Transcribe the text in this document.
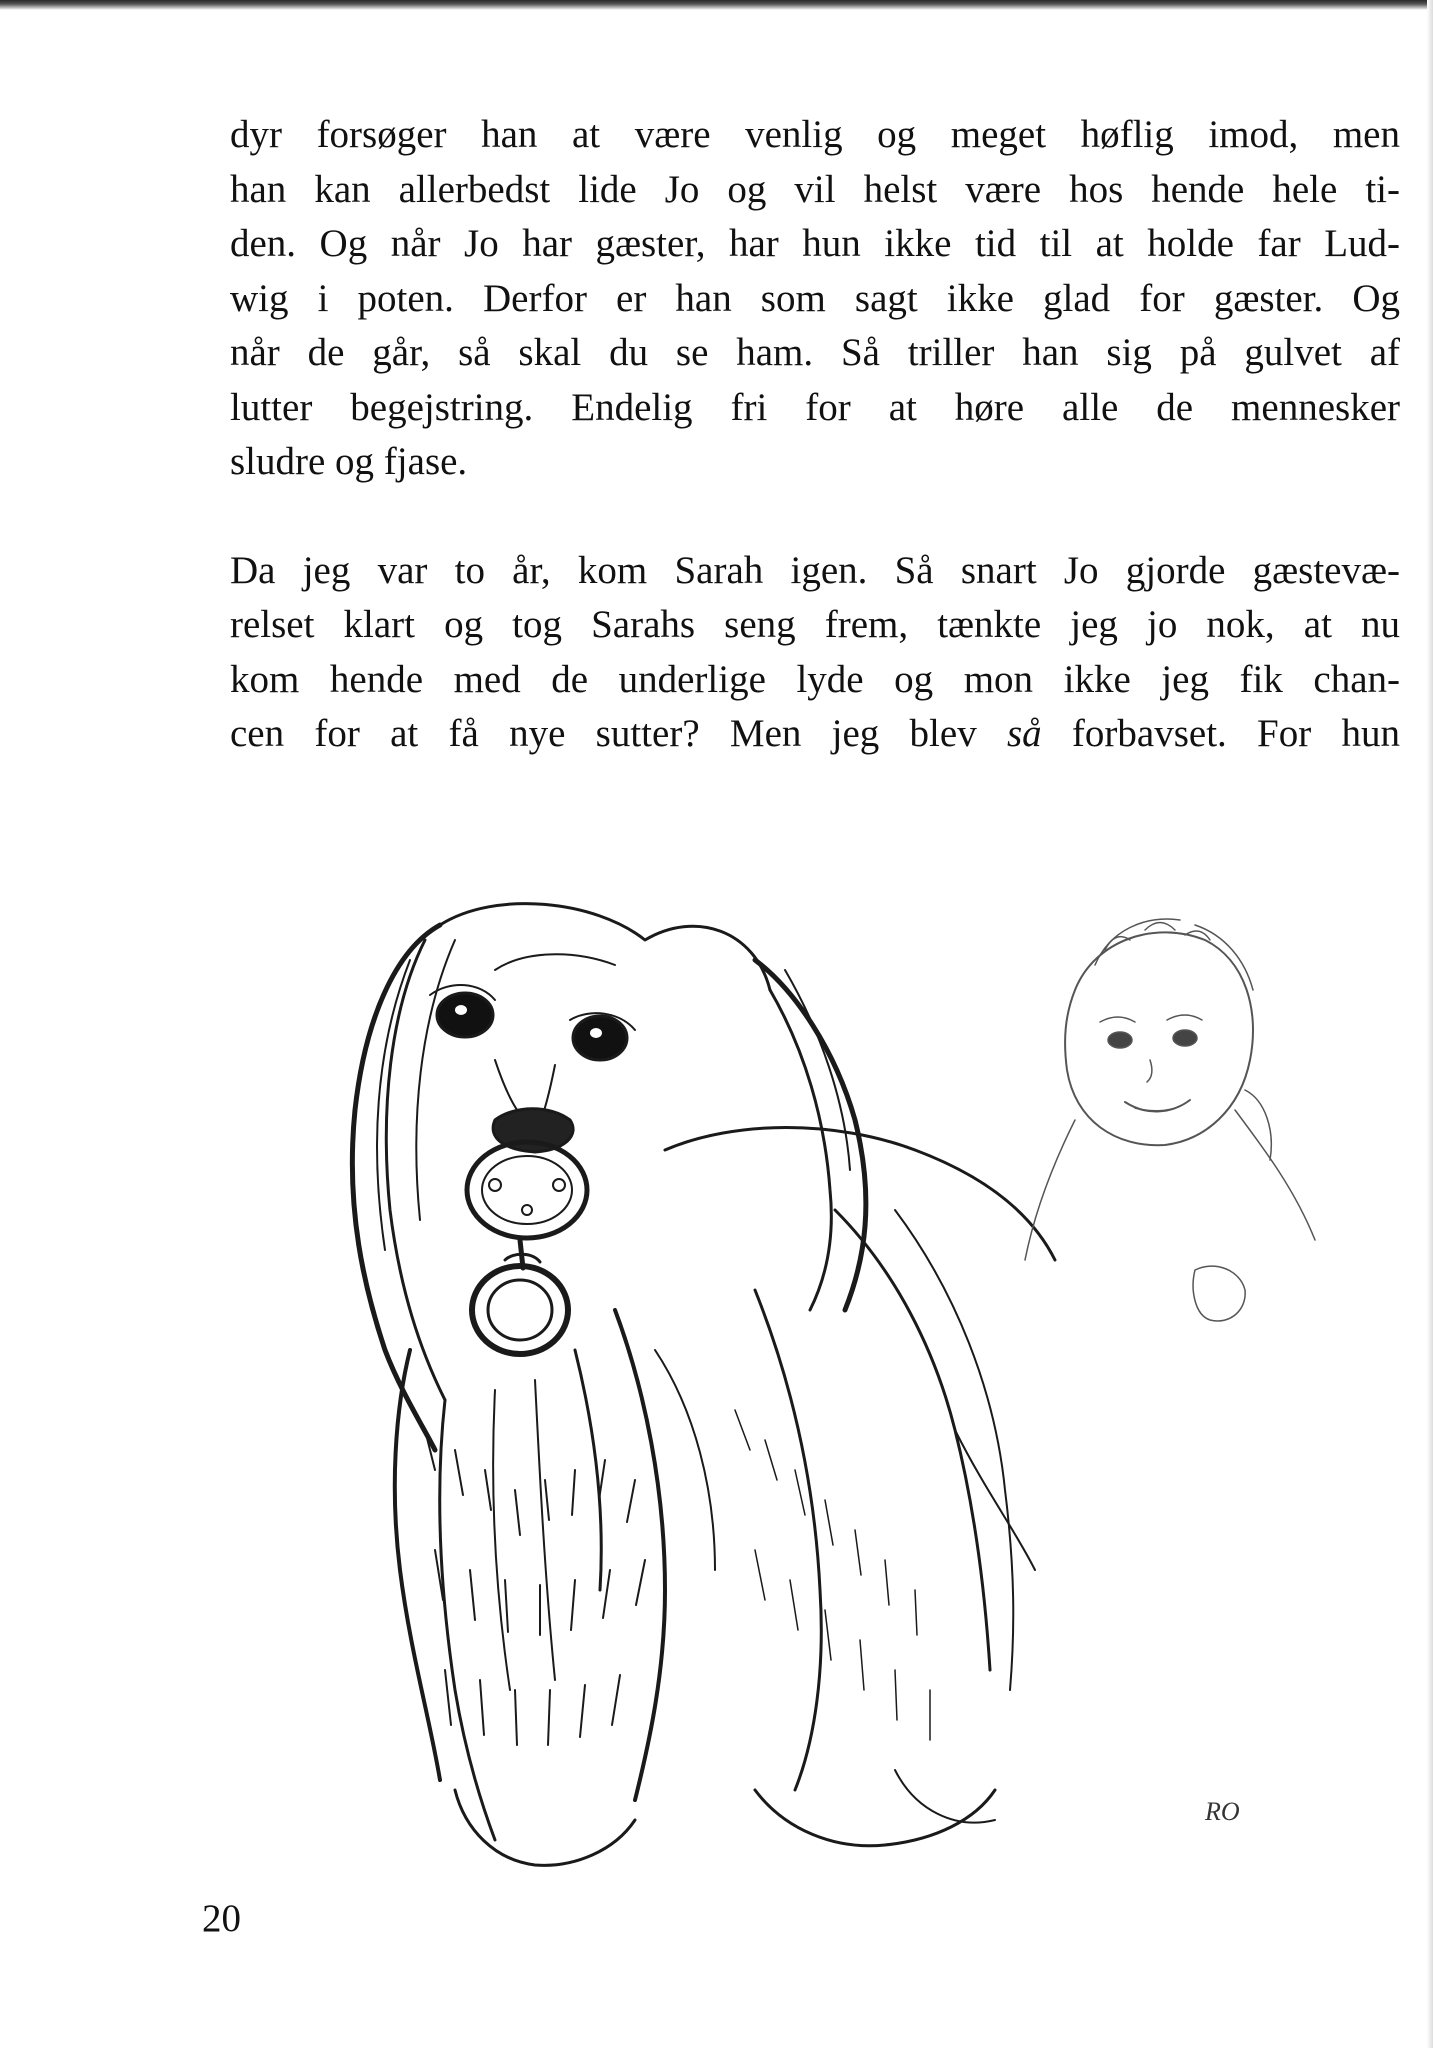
dyr forsøger han at være venlig og meget høflig imod, men
han kan allerbedst lide Jo og vil helst være hos hende hele ti-
den. Og når Jo har gæster, har hun ikke tid til at holde far Lud-
wig i poten. Derfor er han som sagt ikke glad for gæster. Og
når de går, så skal du se ham. Så triller han sig på gulvet af
lutter begejstring. Endelig fri for at høre alle de mennesker
sludre og fjase.

Da jeg var to år, kom Sarah igen. Så snart Jo gjorde gæstevæ-
relset klart og tog Sarahs seng frem, tænkte jeg jo nok, at nu
kom hende med de underlige lyde og mon ikke jeg fik chan-
cen for at få nye sutter? Men jeg blev så forbavset. For hun

RO
20
